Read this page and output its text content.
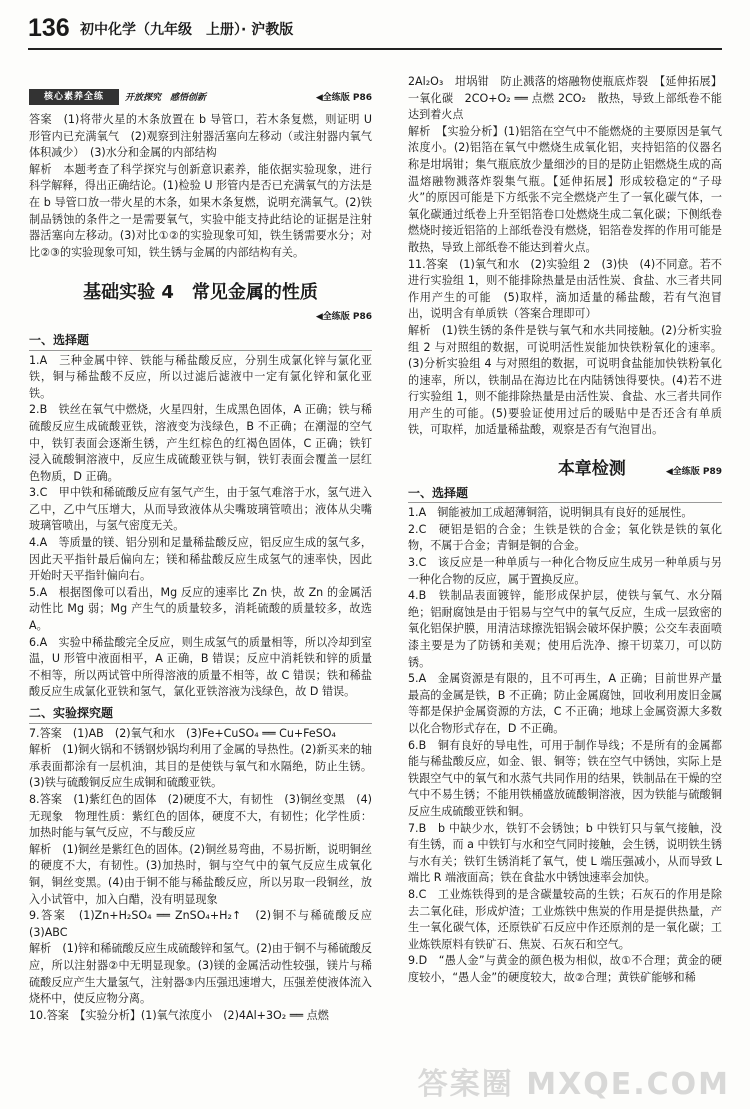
136 初中化学（九年级　上册）· 沪教版
核心素养全练	开放探究　感悟创新	◀全练版 P86

答案　(1)将带火星的木条放置在 b 导管口，若木条复燃，则证明 U 形管内已充满氧气　(2)观察到注射器活塞向左移动（或注射器内氧气体积减少）　(3)水分和金属的内部结构

解析　本题考查了科学探究与创新意识素养，能依据实验现象，进行科学解释，得出正确结论。(1)检验 U 形管内是否已充满氧气的方法是在 b 导管口放一带火星的木条，如果木条复燃，说明充满氧气。(2)铁制品锈蚀的条件之一是需要氧气，实验中能支持此结论的证据是注射器活塞向左移动。(3)对比①②的实验现象可知，铁生锈需要水分；对比②③的实验现象可知，铁生锈与金属的内部结构有关。

基础实验 4　常见金属的性质
◀全练版 P86
一、选择题

1.A　三种金属中锌、铁能与稀盐酸反应，分别生成氯化锌与氯化亚铁，铜与稀盐酸不反应，所以过滤后滤液中一定有氯化锌和氯化亚铁。

2.B　铁丝在氧气中燃烧，火星四射，生成黑色固体，A 正确；铁与稀硫酸反应生成硫酸亚铁，溶液变为浅绿色，B 不正确；在潮湿的空气中，铁钉表面会逐渐生锈，产生红棕色的红褐色固体，C 正确；铁钉浸入硫酸铜溶液中，反应生成硫酸亚铁与铜，铁钉表面会覆盖一层红色物质，D 正确。

3.C　甲中铁和稀硫酸反应有氢气产生，由于氢气难溶于水，氢气进入乙中，乙中气压增大，从而导致液体从尖嘴玻璃管喷出；液体从尖嘴玻璃管喷出，与氢气密度无关。

4.A　等质量的镁、铝分别和足量稀盐酸反应，铝反应生成的氢气多，因此天平指针最后偏向左；镁和稀盐酸反应生成氢气的速率快，因此开始时天平指针偏向右。

5.A　根据图像可以看出，Mg 反应的速率比 Zn 快，故 Zn 的金属活动性比 Mg 弱；Mg 产生气的质量较多，消耗硫酸的质量较多，故选 A。

6.A　实验中稀盐酸完全反应，则生成氢气的质量相等，所以冷却到室温，U 形管中液面相平，A 正确，B 错误；反应中消耗铁和锌的质量不相等，所以两试管中所得溶液的质量不相等，故 C 错误；铁和稀盐酸反应生成氯化亚铁和氢气，氯化亚铁溶液为浅绿色，故 D 错误。

二、实验探究题

7.答案　(1)AB　(2)氧气和水　(3)Fe+CuSO₄ ══ Cu+FeSO₄

解析　(1)铜火锅和不锈钢炒锅均利用了金属的导热性。(2)新买来的轴承表面都涂有一层机油，其目的是使铁与氧气和水隔绝，防止生锈。(3)铁与硫酸铜反应生成铜和硫酸亚铁。

8.答案　(1)紫红色的固体　(2)硬度不大，有韧性　(3)铜丝变黑　(4)无现象　物理性质：紫红色的固体，硬度不大，有韧性；化学性质：加热时能与氧气反应，不与酸反应

解析　(1)铜丝是紫红色的固体。(2)铜丝易弯曲，不易折断，说明铜丝的硬度不大，有韧性。(3)加热时，铜与空气中的氧气反应生成氧化铜，铜丝变黑。(4)由于铜不能与稀盐酸反应，所以另取一段铜丝，放入小试管中，加入白醋，没有明显现象

9.答案　(1)Zn+H₂SO₄ ══ ZnSO₄+H₂↑　(2)铜不与稀硫酸反应　(3)ABC

解析　(1)锌和稀硫酸反应生成硫酸锌和氢气。(2)由于铜不与稀硫酸反应，所以注射器②中无明显现象。(3)镁的金属活动性较强，镁片与稀硫酸反应产生大量氢气，注射器③内压强迅速增大，压强差使液体流入烧杯中，使反应物分离。

10.答案　【实验分析】(1)氧气浓度小　(2)4Al+3O₂ ══ 点燃

2Al₂O₃　坩埚钳　防止溅落的熔融物使瓶底炸裂　【延伸拓展】一氧化碳　2CO+O₂ ══ 点燃 2CO₂　散热，导致上部纸卷不能达到着火点

解析　【实验分析】(1)铝箔在空气中不能燃烧的主要原因是氧气浓度小。(2)铝箔在氧气中燃烧生成氧化铝，夹持铝箔的仪器名称是坩埚钳；集气瓶底放少量细沙的目的是防止铝燃烧生成的高温熔融物溅落炸裂集气瓶。【延伸拓展】形成较稳定的“子母火”的原因可能是下方纸张不完全燃烧产生了一氧化碳气体，一氧化碳通过纸卷上升至铝箔卷口处燃烧生成二氧化碳；下侧纸卷燃烧时接近铝箔的上部纸卷没有燃烧，铝箔卷发挥的作用可能是散热，导致上部纸卷不能达到着火点。

11.答案　(1)氧气和水　(2)实验组 2　(3)快　(4)不同意。若不进行实验组 1，则不能排除热量是由活性炭、食盐、水三者共同作用产生的可能　(5)取样，滴加适量的稀盐酸，若有气泡冒出，说明含有单质铁（答案合理即可）

解析　(1)铁生锈的条件是铁与氧气和水共同接触。(2)分析实验组 2 与对照组的数据，可说明活性炭能加快铁粉氧化的速率。(3)分析实验组 4 与对照组的数据，可说明食盐能加快铁粉氧化的速率，所以，铁制品在海边比在内陆锈蚀得要快。(4)若不进行实验组 1，则不能排除热量是由活性炭、食盐、水三者共同作用产生的可能。(5)要验证使用过后的暖贴中是否还含有单质铁，可取样，加适量稀盐酸，观察是否有气泡冒出。

本章检测	◀全练版 P89
一、选择题

1.A　铜能被加工成超薄铜箔，说明铜具有良好的延展性。

2.C　硬铝是铝的合金；生铁是铁的合金；氧化铁是铁的氧化物，不属于合金；青铜是铜的合金。

3.C　该反应是一种单质与一种化合物反应生成另一种单质与另一种化合物的反应，属于置换反应。

4.B　铁制品表面镀锌，能形成保护层，使铁与氧气、水分隔绝；铝耐腐蚀是由于铝易与空气中的氧气反应，生成一层致密的氧化铝保护膜，用清洁球擦洗铝锅会破坏保护膜；公交车表面喷漆主要是为了防锈和美观；使用后洗净、擦干切菜刀，可以防锈。

5.A　金属资源是有限的，且不可再生，A 正确；目前世界产量最高的金属是铁，B 不正确；防止金属腐蚀，回收利用废旧金属等都是保护金属资源的方法，C 不正确；地球上金属资源大多数以化合物形式存在，D 不正确。

6.B　铜有良好的导电性，可用于制作导线；不是所有的金属都能与稀盐酸反应，如金、银、铜等；铁在空气中锈蚀，实际上是铁跟空气中的氧气和水蒸气共同作用的结果，铁制品在干燥的空气中不易生锈；不能用铁桶盛放硫酸铜溶液，因为铁能与硫酸铜反应生成硫酸亚铁和铜。

7.B　b 中缺少水，铁钉不会锈蚀；b 中铁钉只与氧气接触，没有生锈，而 a 中铁钉与水和空气同时接触，会生锈，说明铁生锈与水有关；铁钉生锈消耗了氧气，使 L 端压强减小，从而导致 L 端比 R 端液面高；铁在食盐水中锈蚀速率会加快。

8.C　工业炼铁得到的是含碳量较高的生铁；石灰石的作用是除去二氧化硅，形成炉渣；工业炼铁中焦炭的作用是提供热量，产生一氧化碳气体，还原铁矿石反应中作还原剂的是一氧化碳；工业炼铁原料有铁矿石、焦炭、石灰石和空气。

9.D　“愚人金”与黄金的颜色极为相似，故①不合理；黄金的硬度较小，“愚人金”的硬度较大，故②合理；黄铁矿能够和稀

答案圈 MXQE.COM
